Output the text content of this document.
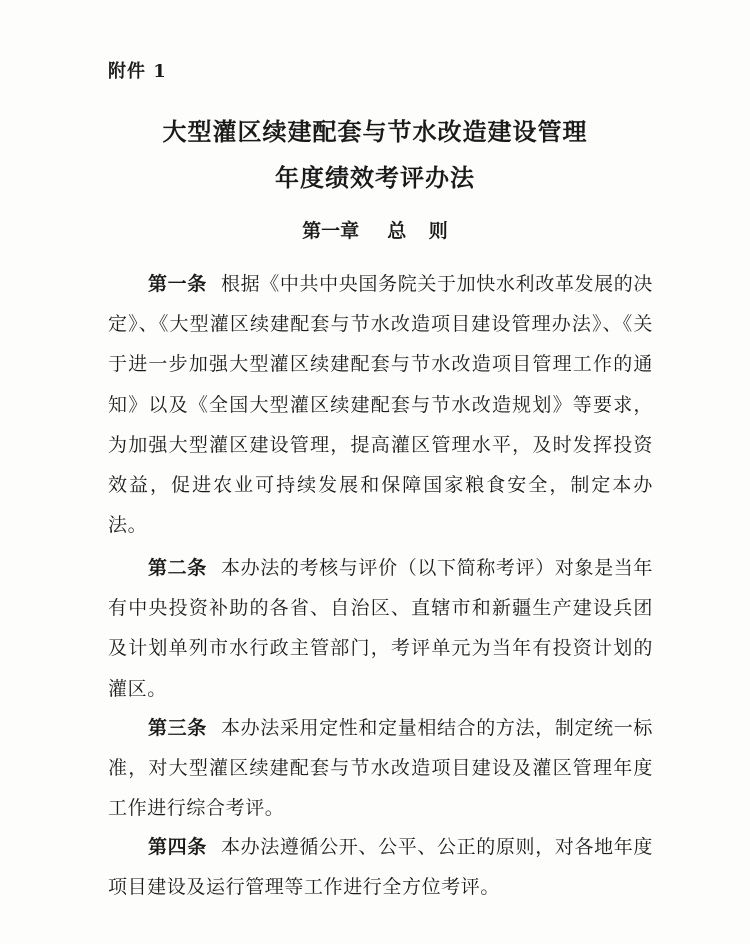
附件 1
大型灌区续建配套与节水改造建设管理
年度绩效考评办法
第一章 总 则
第一条 根据《中共中央国务院关于加快水利改革发展的决定》、《大型灌区续建配套与节水改造项目建设管理办法》、《关于进一步加强大型灌区续建配套与节水改造项目管理工作的通知》以及《全国大型灌区续建配套与节水改造规划》等要求，为加强大型灌区建设管理，提高灌区管理水平，及时发挥投资效益，促进农业可持续发展和保障国家粮食安全，制定本办法。
第二条 本办法的考核与评价（以下简称考评）对象是当年有中央投资补助的各省、自治区、直辖市和新疆生产建设兵团及计划单列市水行政主管部门，考评单元为当年有投资计划的灌区。
第三条 本办法采用定性和定量相结合的方法，制定统一标准，对大型灌区续建配套与节水改造项目建设及灌区管理年度工作进行综合考评。
第四条 本办法遵循公开、公平、公正的原则，对各地年度项目建设及运行管理等工作进行全方位考评。
